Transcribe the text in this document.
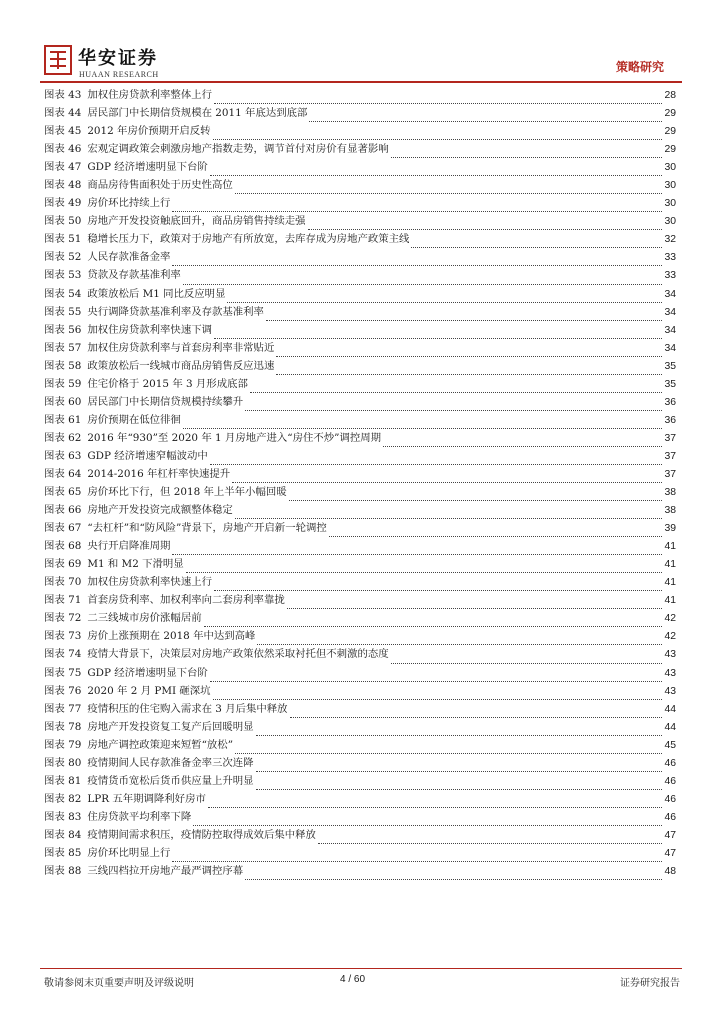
华安证券
HUAAN RESEARCH
策略研究
图表 43 加权住房贷款利率整体上行	28
图表 44 居民部门中长期信贷规模在 2011 年底达到底部	29
图表 45 2012 年房价预期开启反转	29
图表 46 宏观定调政策会刺激房地产指数走势，调节首付对房价有显著影响	29
图表 47 GDP 经济增速明显下台阶	30
图表 48 商品房待售面积处于历史性高位	30
图表 49 房价环比持续上行	30
图表 50 房地产开发投资触底回升，商品房销售持续走强	30
图表 51 稳增长压力下，政策对于房地产有所放宽，去库存成为房地产政策主线	32
图表 52 人民存款准备金率	33
图表 53 贷款及存款基准利率	33
图表 54 政策放松后 M1 同比反应明显	34
图表 55 央行调降贷款基准利率及存款基准利率	34
图表 56 加权住房贷款利率快速下调	34
图表 57 加权住房贷款利率与首套房利率非常贴近	34
图表 58 政策放松后一线城市商品房销售反应迅速	35
图表 59 住宅价格于 2015 年 3 月形成底部	35
图表 60 居民部门中长期信贷规模持续攀升	36
图表 61 房价预期在低位徘徊	36
图表 62 2016 年“930”至 2020 年 1 月房地产进入“房住不炒”调控周期	37
图表 63 GDP 经济增速窄幅波动中	37
图表 64 2014-2016 年杠杆率快速提升	37
图表 65 房价环比下行，但 2018 年上半年小幅回暖	38
图表 66 房地产开发投资完成额整体稳定	38
图表 67 “去杠杆”和“防风险”背景下，房地产开启新一轮调控	39
图表 68 央行开启降准周期	41
图表 69 M1 和 M2 下滑明显	41
图表 70 加权住房贷款利率快速上行	41
图表 71 首套房贷利率、加权利率向二套房利率靠拢	41
图表 72 二三线城市房价涨幅居前	42
图表 73 房价上涨预期在 2018 年中达到高峰	42
图表 74 疫情大背景下，决策层对房地产政策依然采取衬托但不刺激的态度	43
图表 75 GDP 经济增速明显下台阶	43
图表 76 2020 年 2 月 PMI 砸深坑	43
图表 77 疫情积压的住宅购入需求在 3 月后集中释放	44
图表 78 房地产开发投资复工复产后回暖明显	44
图表 79 房地产调控政策迎来短暂“放松”	45
图表 80 疫情期间人民存款准备金率三次连降	46
图表 81 疫情货币宽松后货币供应量上升明显	46
图表 82 LPR 五年期调降利好房市	46
图表 83 住房贷款平均利率下降	46
图表 84 疫情期间需求积压，疫情防控取得成效后集中释放	47
图表 85 房价环比明显上行	47
图表 88 三线四档拉开房地产最严调控序幕	48
敬请参阅末页重要声明及评级说明	4 / 60	证券研究报告
